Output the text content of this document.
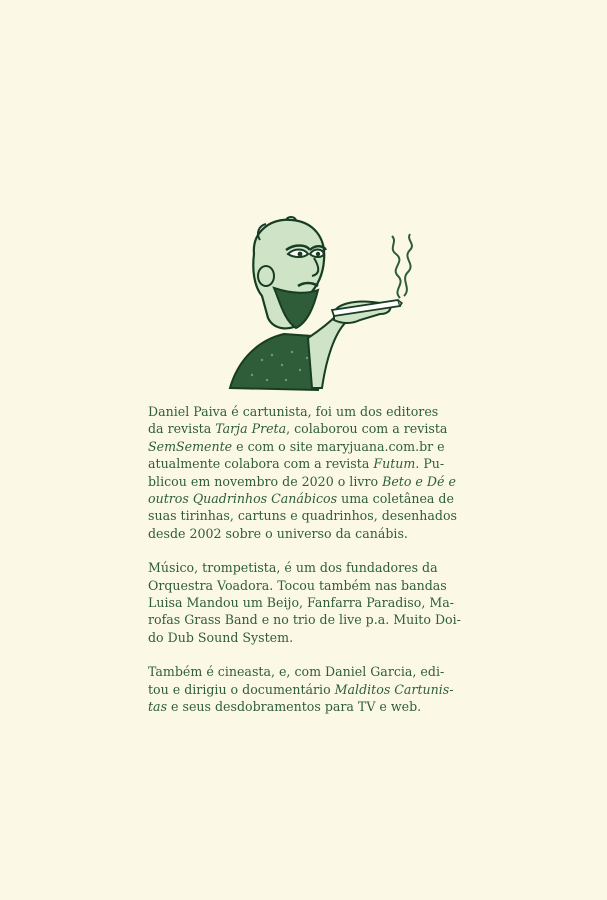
Daniel Paiva é cartunista, foi um dos editores
da revista Tarja Preta, colaborou com a revista
SemSemente e com o site maryjuana.com.br e
atualmente colabora com a revista Futum. Pu-
blicou em novembro de 2020 o livro Beto e Dé e
outros Quadrinhos Canábicos uma coletânea de
suas tirinhas, cartuns e quadrinhos, desenhados
desde 2002 sobre o universo da canábis.

Músico, trompetista, é um dos fundadores da
Orquestra Voadora. Tocou também nas bandas
Luisa Mandou um Beijo, Fanfarra Paradiso, Ma-
rofas Grass Band e no trio de live p.a. Muito Doi-
do Dub Sound System.

Também é cineasta, e, com Daniel Garcia, edi-
tou e dirigiu o documentário Malditos Cartunis-
tas e seus desdobramentos para TV e web.
